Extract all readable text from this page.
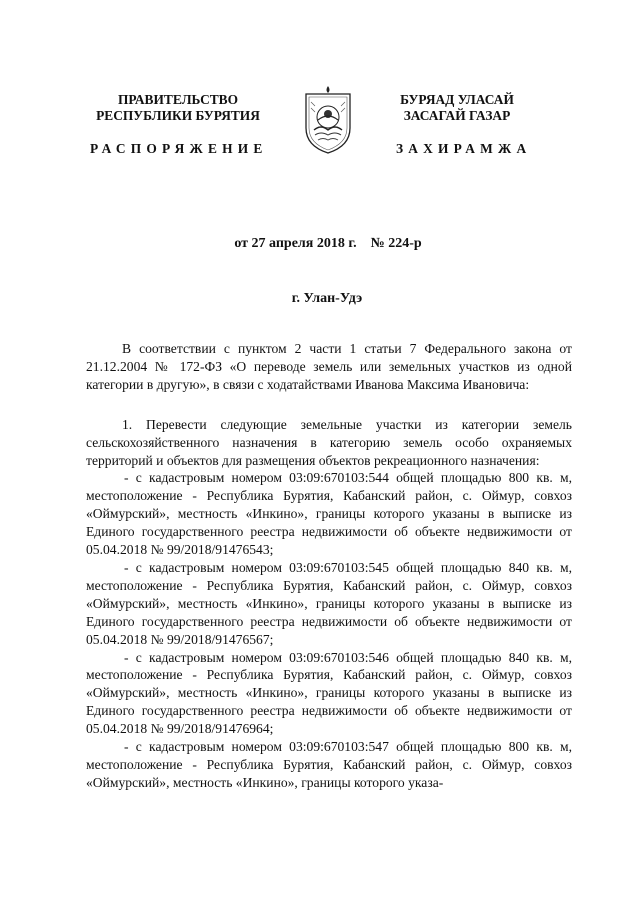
ПРАВИТЕЛЬСТВО
РЕСПУБЛИКИ БУРЯТИЯ
БУРЯАД УЛАСАЙ
ЗАСАГАЙ ГАЗАР
РАСПОРЯЖЕНИЕ	ЗАХИРАМЖА
от 27 апреля 2018 г.    № 224-р
г. Улан-Удэ

В соответствии с пунктом 2 части 1 статьи 7 Федерального закона от 21.12.2004 № 172-ФЗ «О переводе земель или земельных участков из одной категории в другую», в связи с ходатайствами Иванова Максима Ивановича:

1. Перевести следующие земельные участки из категории земель сельскохозяйственного назначения в категорию земель особо охраняемых территорий и объектов для размещения объектов рекреационного назначения:

- с кадастровым номером 03:09:670103:544 общей площадью 800 кв. м, местоположение - Республика Бурятия, Кабанский район, с. Оймур, совхоз «Оймурский», местность «Инкино», границы которого указаны в выписке из Единого государственного реестра недвижимости об объекте недвижимости от 05.04.2018 № 99/2018/91476543;

- с кадастровым номером 03:09:670103:545 общей площадью 840 кв. м, местоположение - Республика Бурятия, Кабанский район, с. Оймур, совхоз «Оймурский», местность «Инкино», границы которого указаны в выписке из Единого государственного реестра недвижимости об объекте недвижимости от 05.04.2018 № 99/2018/91476567;

- с кадастровым номером 03:09:670103:546 общей площадью 840 кв. м, местоположение - Республика Бурятия, Кабанский район, с. Оймур, совхоз «Оймурский», местность «Инкино», границы которого указаны в выписке из Единого государственного реестра недвижимости об объекте недвижимости от 05.04.2018 № 99/2018/91476964;

- с кадастровым номером 03:09:670103:547 общей площадью 800 кв. м, местоположение - Республика Бурятия, Кабанский район, с. Оймур, совхоз «Оймурский», местность «Инкино», границы которого указа-
